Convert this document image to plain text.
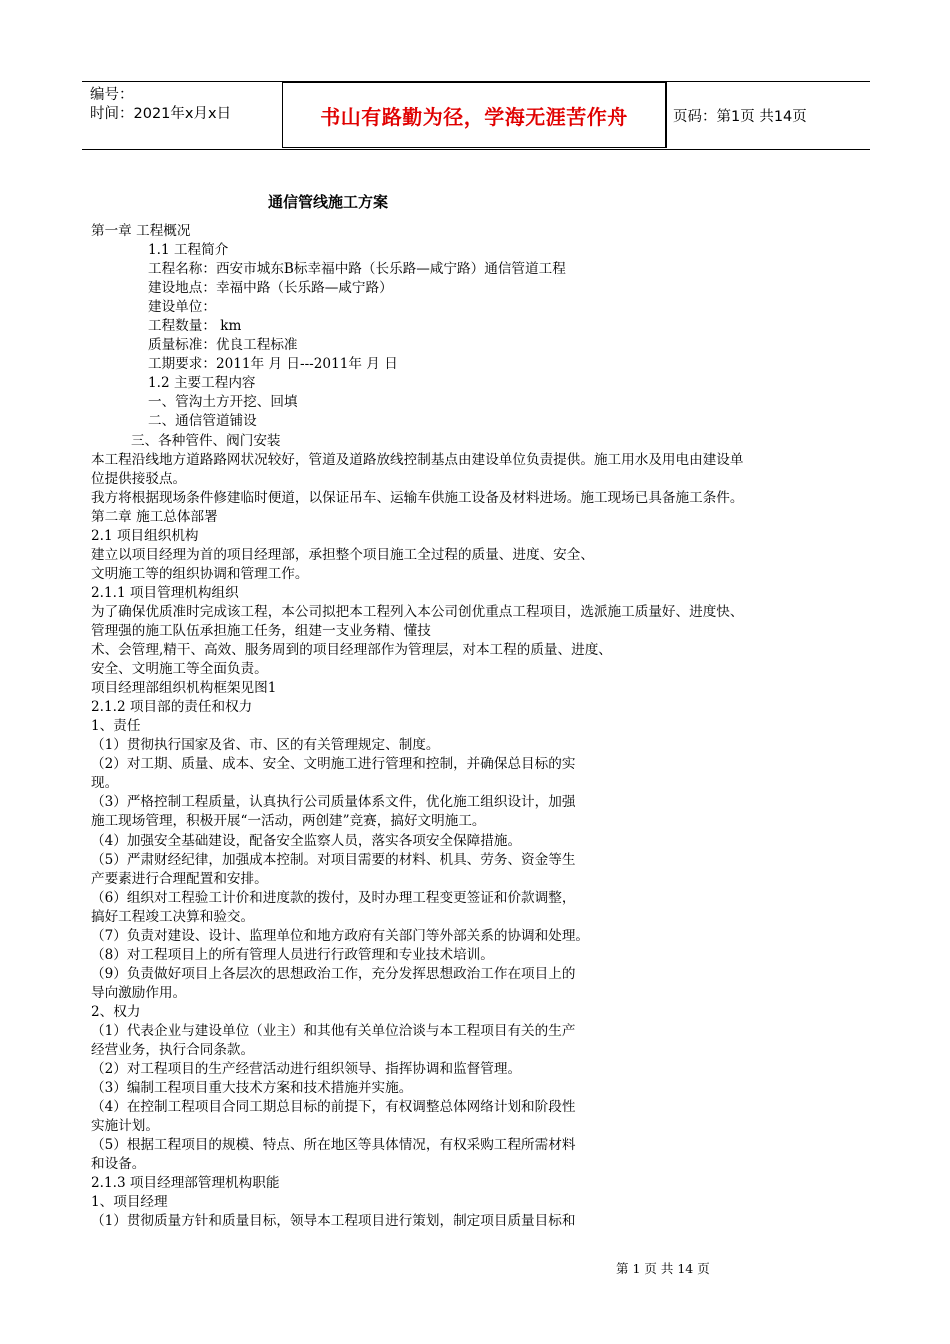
编号：
时间：2021年x月x日	书山有路勤为径，学海无涯苦作舟	页码：第1页 共14页
通信管线施工方案
第一章 工程概况
1.1 工程简介
工程名称：西安市城东B标幸福中路（长乐路—咸宁路）通信管道工程
建设地点：幸福中路（长乐路—咸宁路）
建设单位：
工程数量： km
质量标准：优良工程标准
工期要求：2011年 月 日---2011年 月 日
1.2 主要工程内容
一、管沟土方开挖、回填
二、通信管道铺设
三、各种管件、阀门安装
本工程沿线地方道路路网状况较好，管道及道路放线控制基点由建设单位负责提供。施工用水及用电由建设单
位提供接驳点。
我方将根据现场条件修建临时便道，以保证吊车、运输车供施工设备及材料进场。施工现场已具备施工条件。
第二章 施工总体部署
2.1 项目组织机构
建立以项目经理为首的项目经理部，承担整个项目施工全过程的质量、进度、安全、
文明施工等的组织协调和管理工作。
2.1.1 项目管理机构组织
为了确保优质准时完成该工程，本公司拟把本工程列入本公司创优重点工程项目，选派施工质量好、进度快、
管理强的施工队伍承担施工任务，组建一支业务精、懂技
术、会管理,精干、高效、服务周到的项目经理部作为管理层，对本工程的质量、进度、
安全、文明施工等全面负责。
项目经理部组织机构框架见图1
2.1.2 项目部的责任和权力
1、责任
（1）贯彻执行国家及省、市、区的有关管理规定、制度。
（2）对工期、质量、成本、安全、文明施工进行管理和控制，并确保总目标的实
现。
（3）严格控制工程质量，认真执行公司质量体系文件，优化施工组织设计，加强
施工现场管理，积极开展“一活动，两创建”竞赛，搞好文明施工。
（4）加强安全基础建设，配备安全监察人员，落实各项安全保障措施。
（5）严肃财经纪律，加强成本控制。对项目需要的材料、机具、劳务、资金等生
产要素进行合理配置和安排。
（6）组织对工程验工计价和进度款的拨付，及时办理工程变更签证和价款调整，
搞好工程竣工决算和验交。
（7）负责对建设、设计、监理单位和地方政府有关部门等外部关系的协调和处理。
（8）对工程项目上的所有管理人员进行行政管理和专业技术培训。
（9）负责做好项目上各层次的思想政治工作，充分发挥思想政治工作在项目上的
导向激励作用。
2、权力
（1）代表企业与建设单位（业主）和其他有关单位洽谈与本工程项目有关的生产
经营业务，执行合同条款。
（2）对工程项目的生产经营活动进行组织领导、指挥协调和监督管理。
（3）编制工程项目重大技术方案和技术措施并实施。
（4）在控制工程项目合同工期总目标的前提下，有权调整总体网络计划和阶段性
实施计划。
（5）根据工程项目的规模、特点、所在地区等具体情况，有权采购工程所需材料
和设备。
2.1.3 项目经理部管理机构职能
1、项目经理
（1）贯彻质量方针和质量目标，领导本工程项目进行策划，制定项目质量目标和
第 1 页 共 14 页
